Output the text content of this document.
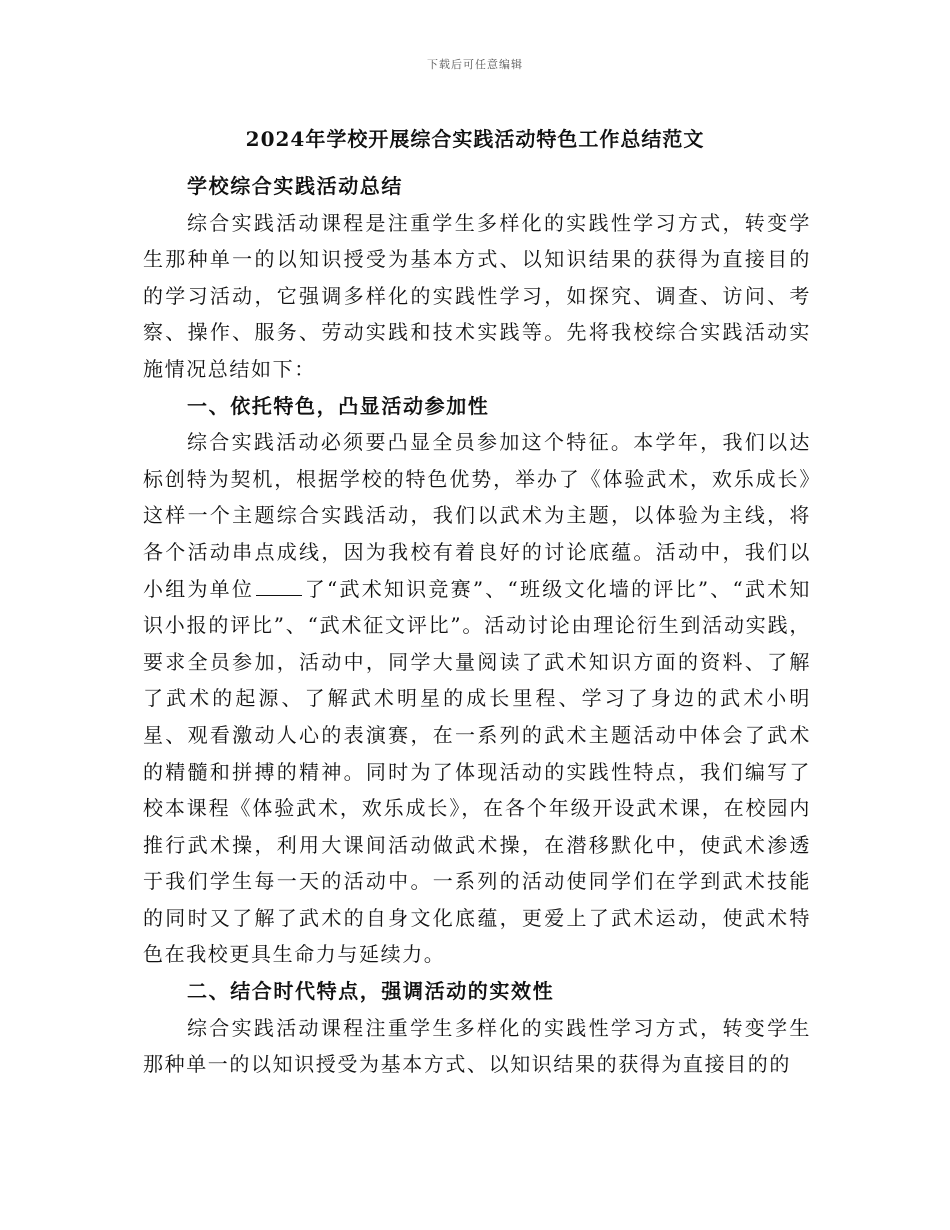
下载后可任意编辑
2024年学校开展综合实践活动特色工作总结范文

学校综合实践活动总结

综合实践活动课程是注重学生多样化的实践性学习方式，转变学生那种单一的以知识授受为基本方式、以知识结果的获得为直接目的的学习活动，它强调多样化的实践性学习，如探究、调查、访问、考察、操作、服务、劳动实践和技术实践等。先将我校综合实践活动实施情况总结如下：

一、依托特色，凸显活动参加性

综合实践活动必须要凸显全员参加这个特征。本学年，我们以达标创特为契机，根据学校的特色优势，举办了《体验武术，欢乐成长》这样一个主题综合实践活动，我们以武术为主题，以体验为主线，将各个活动串点成线，因为我校有着良好的讨论底蕴。活动中，我们以小组为单位	了“武术知识竞赛”、“班级文化墙的评比”、“武术知识小报的评比”、“武术征文评比”。活动讨论由理论衍生到活动实践，要求全员参加，活动中，同学大量阅读了武术知识方面的资料、了解了武术的起源、了解武术明星的成长里程、学习了身边的武术小明星、观看激动人心的表演赛，在一系列的武术主题活动中体会了武术的精髓和拼搏的精神。同时为了体现活动的实践性特点，我们编写了校本课程《体验武术，欢乐成长》，在各个年级开设武术课，在校园内推行武术操，利用大课间活动做武术操，在潜移默化中，使武术渗透于我们学生每一天的活动中。一系列的活动使同学们在学到武术技能的同时又了解了武术的自身文化底蕴，更爱上了武术运动，使武术特色在我校更具生命力与延续力。

二、结合时代特点，强调活动的实效性

综合实践活动课程注重学生多样化的实践性学习方式，转变学生那种单一的以知识授受为基本方式、以知识结果的获得为直接目的的
